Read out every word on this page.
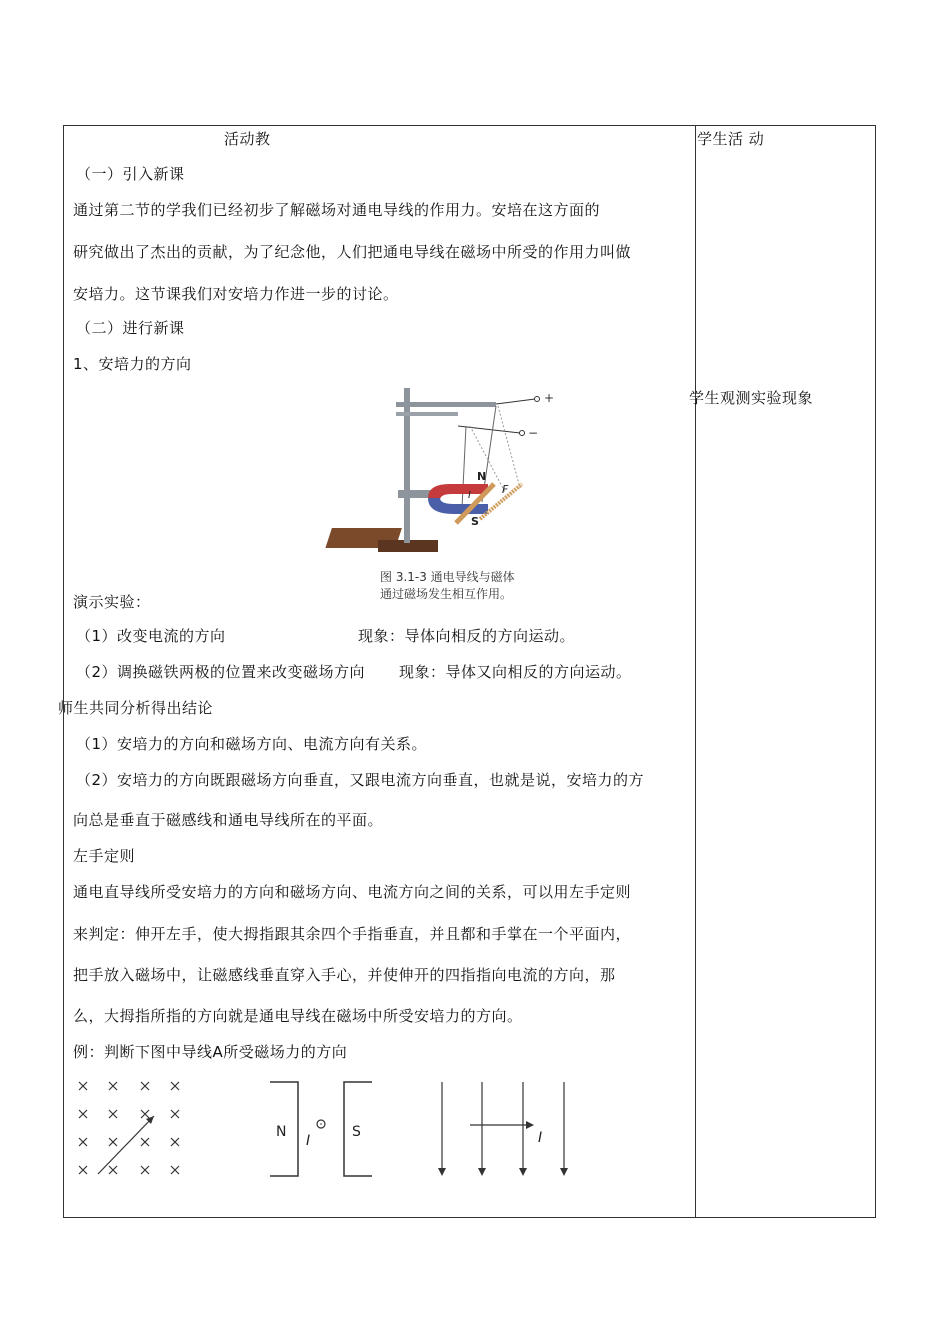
活动教	学生活 动
（一）引入新课
通过第二节的学我们已经初步了解磁场对通电导线的作用力。安培在这方面的
研究做出了杰出的贡献，为了纪念他，人们把通电导线在磁场中所受的作用力叫做
安培力。这节课我们对安培力作进一步的讨论。
（二）进行新课
1、安培力的方向
+
−
N
S
F
I
图 3.1-3 通电导线与磁体
通过磁场发生相互作用。
演示实验：
（1）改变电流的方向	现象：导体向相反的方向运动。
（2）调换磁铁两极的位置来改变磁场方向 现象：导体又向相反的方向运动。
师生共同分析得出结论
（1）安培力的方向和磁场方向、电流方向有关系。
（2）安培力的方向既跟磁场方向垂直，又跟电流方向垂直，也就是说，安培力的方
向总是垂直于磁感线和通电导线所在的平面。
左手定则
通电直导线所受安培力的方向和磁场方向、电流方向之间的关系，可以用左手定则
来判定：伸开左手，使大拇指跟其余四个手指垂直，并且都和手掌在一个平面内，
把手放入磁场中，让磁感线垂直穿入手心，并使伸开的四指指向电流的方向，那
么，大拇指所指的方向就是通电导线在磁场中所受安培力的方向。
例：判断下图中导线A所受磁场力的方向
N	S
I	I
学生观测实验现象
